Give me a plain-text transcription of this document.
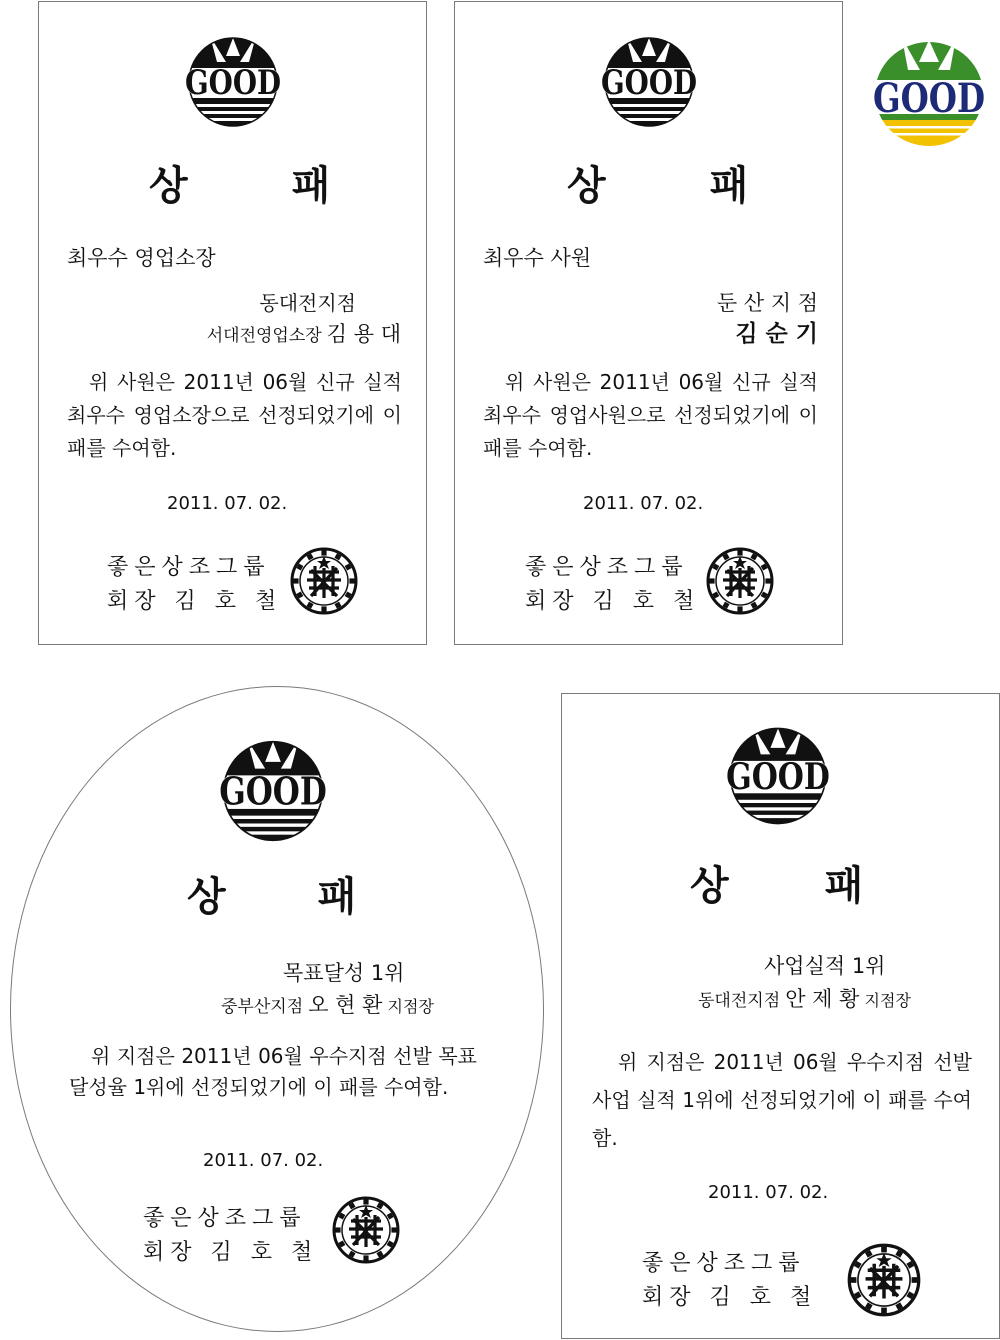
GOOD
상	패
최우수 영업소장
동대전지점
서대전영업소장 김 용 대
위 사원은 2011년 06월 신규 실적 최우수 영업소장으로 선정되었기에 이 패를 수여함.
2011. 07. 02.
좋은상조그룹
회장 김 호 철
GOOD
상	패
최우수 사원
둔 산 지 점
김 순 기
위 사원은 2011년 06월 신규 실적 최우수 영업사원으로 선정되었기에 이 패를 수여함.
2011. 07. 02.
좋은상조그룹
회장 김 호 철
GOOD
GOOD
상 패
목표달성 1위
중부산지점 오 현 환 지점장
위 지점은 2011년 06월 우수지점 선발 목표 달성율 1위에 선정되었기에 이 패를 수여함.
2011. 07. 02.
좋은상조그룹
회장 김 호 철
GOOD
상 패
사업실적 1위
동대전지점 안 제 황 지점장
위 지점은 2011년 06월 우수지점 선발 사업 실적 1위에 선정되었기에 이 패를 수여함.
2011. 07. 02.
좋은상조그룹
회장 김 호 철
